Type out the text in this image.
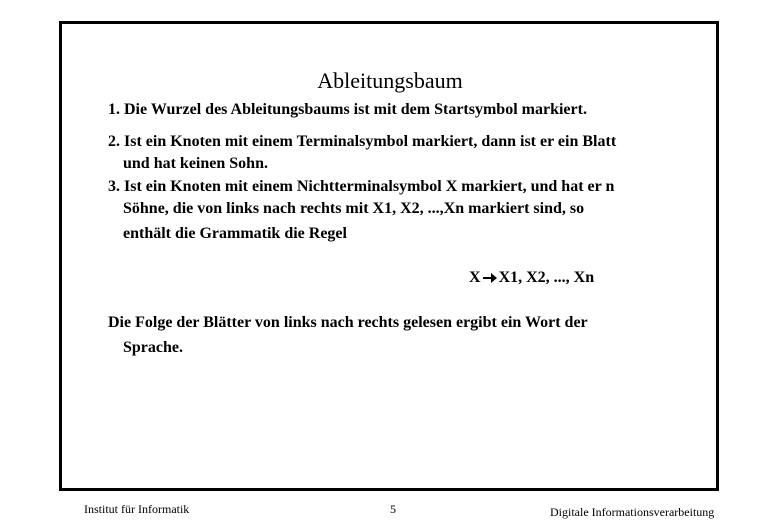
Ableitungsbaum
1. Die Wurzel des Ableitungsbaums ist mit dem Startsymbol markiert.
2. Ist ein Knoten mit einem Terminalsymbol markiert, dann ist er ein Blatt
und hat keinen Sohn.
3. Ist ein Knoten mit einem Nichtterminalsymbol X markiert, und hat er n
Söhne, die von links nach rechts mit X1, X2, ...,Xn markiert sind, so
enthält die Grammatik die Regel
X X1, X2, ..., Xn
Die Folge der Blätter von links nach rechts gelesen ergibt ein Wort der
Sprache.
Institut für Informatik	5	Digitale Informationsverarbeitung
